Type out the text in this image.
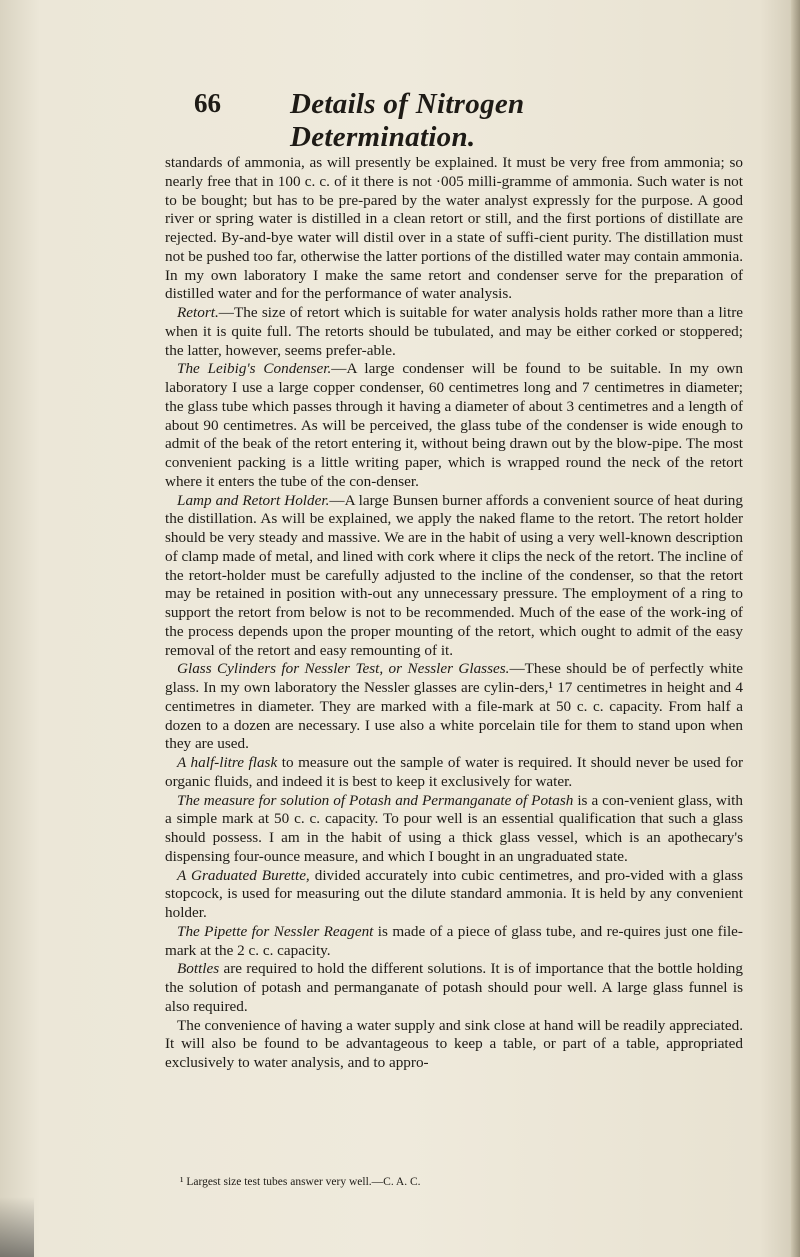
66 Details of Nitrogen Determination.

standards of ammonia, as will presently be explained. It must be very free from ammonia; so nearly free that in 100 c. c. of it there is not ·005 milli-gramme of ammonia. Such water is not to be bought; but has to be pre-pared by the water analyst expressly for the purpose. A good river or spring water is distilled in a clean retort or still, and the first portions of distillate are rejected. By-and-bye water will distil over in a state of suffi-cient purity. The distillation must not be pushed too far, otherwise the latter portions of the distilled water may contain ammonia. In my own laboratory I make the same retort and condenser serve for the preparation of distilled water and for the performance of water analysis.

Retort.—The size of retort which is suitable for water analysis holds rather more than a litre when it is quite full. The retorts should be tubulated, and may be either corked or stoppered; the latter, however, seems prefer-able.

The Leibig's Condenser.—A large condenser will be found to be suitable. In my own laboratory I use a large copper condenser, 60 centimetres long and 7 centimetres in diameter; the glass tube which passes through it having a diameter of about 3 centimetres and a length of about 90 centimetres. As will be perceived, the glass tube of the condenser is wide enough to admit of the beak of the retort entering it, without being drawn out by the blow-pipe. The most convenient packing is a little writing paper, which is wrapped round the neck of the retort where it enters the tube of the con-denser.

Lamp and Retort Holder.—A large Bunsen burner affords a convenient source of heat during the distillation. As will be explained, we apply the naked flame to the retort. The retort holder should be very steady and massive. We are in the habit of using a very well-known description of clamp made of metal, and lined with cork where it clips the neck of the retort. The incline of the retort-holder must be carefully adjusted to the incline of the condenser, so that the retort may be retained in position with-out any unnecessary pressure. The employment of a ring to support the retort from below is not to be recommended. Much of the ease of the work-ing of the process depends upon the proper mounting of the retort, which ought to admit of the easy removal of the retort and easy remounting of it.

Glass Cylinders for Nessler Test, or Nessler Glasses.—These should be of perfectly white glass. In my own laboratory the Nessler glasses are cylin-ders,¹ 17 centimetres in height and 4 centimetres in diameter. They are marked with a file-mark at 50 c. c. capacity. From half a dozen to a dozen are necessary. I use also a white porcelain tile for them to stand upon when they are used.

A half-litre flask to measure out the sample of water is required. It should never be used for organic fluids, and indeed it is best to keep it exclusively for water.

The measure for solution of Potash and Permanganate of Potash is a con-venient glass, with a simple mark at 50 c. c. capacity. To pour well is an essential qualification that such a glass should possess. I am in the habit of using a thick glass vessel, which is an apothecary's dispensing four-ounce measure, and which I bought in an ungraduated state.

A Graduated Burette, divided accurately into cubic centimetres, and pro-vided with a glass stopcock, is used for measuring out the dilute standard ammonia. It is held by any convenient holder.

The Pipette for Nessler Reagent is made of a piece of glass tube, and re-quires just one file-mark at the 2 c. c. capacity.

Bottles are required to hold the different solutions. It is of importance that the bottle holding the solution of potash and permanganate of potash should pour well. A large glass funnel is also required.

The convenience of having a water supply and sink close at hand will be readily appreciated. It will also be found to be advantageous to keep a table, or part of a table, appropriated exclusively to water analysis, and to appro-

¹ Largest size test tubes answer very well.—C. A. C.
